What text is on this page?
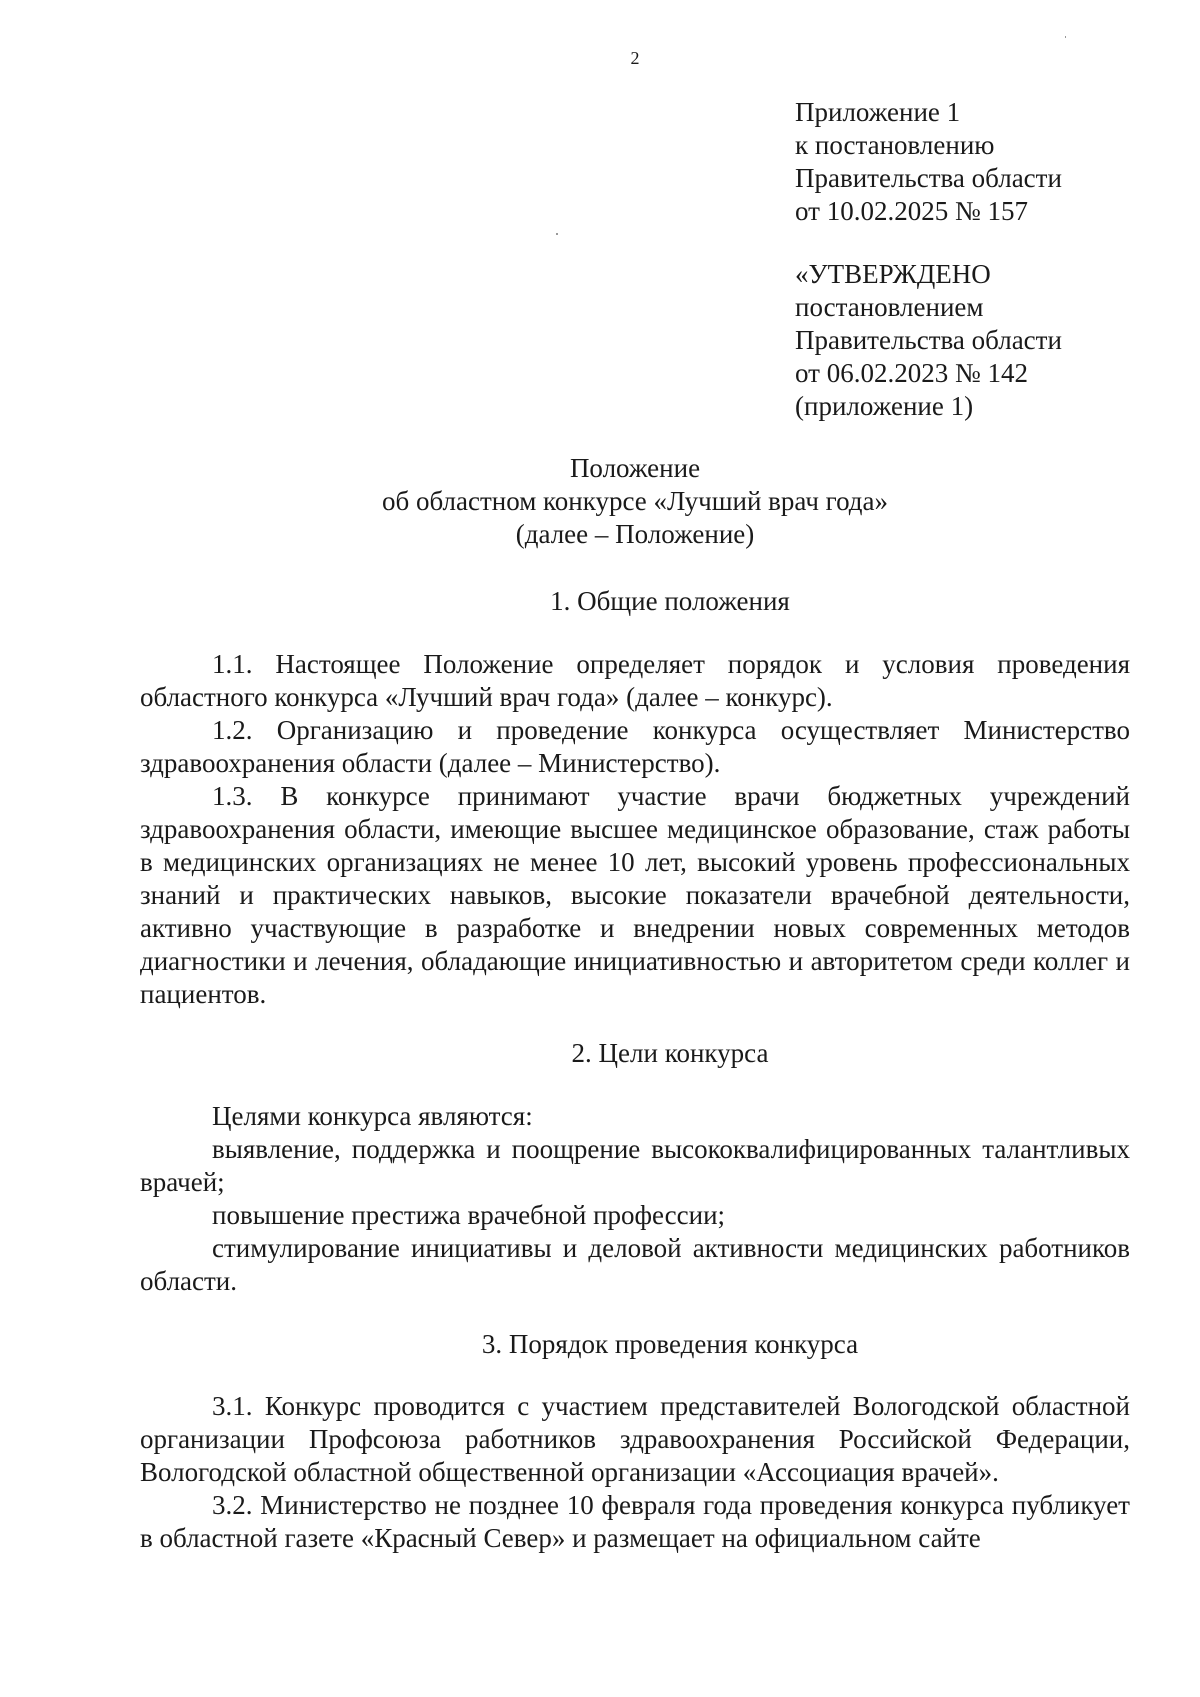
2
Приложение 1
к постановлению
Правительства области
от 10.02.2025 № 157
«УТВЕРЖДЕНО
постановлением
Правительства области
от 06.02.2023 № 142
(приложение 1)
Положение
об областном конкурсе «Лучший врач года»
(далее – Положение)
1. Общие положения

1.1. Настоящее Положение определяет порядок и условия проведения областного конкурса «Лучший врач года» (далее – конкурс).

1.2. Организацию и проведение конкурса осуществляет Министерство здравоохранения области (далее – Министерство).

1.3. В конкурсе принимают участие врачи бюджетных учреждений здравоохранения области, имеющие высшее медицинское образование, стаж работы в медицинских организациях не менее 10 лет, высокий уровень профессиональных знаний и практических навыков, высокие показатели врачебной деятельности, активно участвующие в разработке и внедрении новых современных методов диагностики и лечения, обладающие инициативностью и авторитетом среди коллег и пациентов.

2. Цели конкурса

Целями конкурса являются:

выявление, поддержка и поощрение высококвалифицированных талантливых врачей;

повышение престижа врачебной профессии;

стимулирование инициативы и деловой активности медицинских работников области.

3. Порядок проведения конкурса

3.1. Конкурс проводится с участием представителей Вологодской областной организации Профсоюза работников здравоохранения Российской Федерации, Вологодской областной общественной организации «Ассоциация врачей».

3.2. Министерство не позднее 10 февраля года проведения конкурса публикует в областной газете «Красный Север» и размещает на официальном сайте
